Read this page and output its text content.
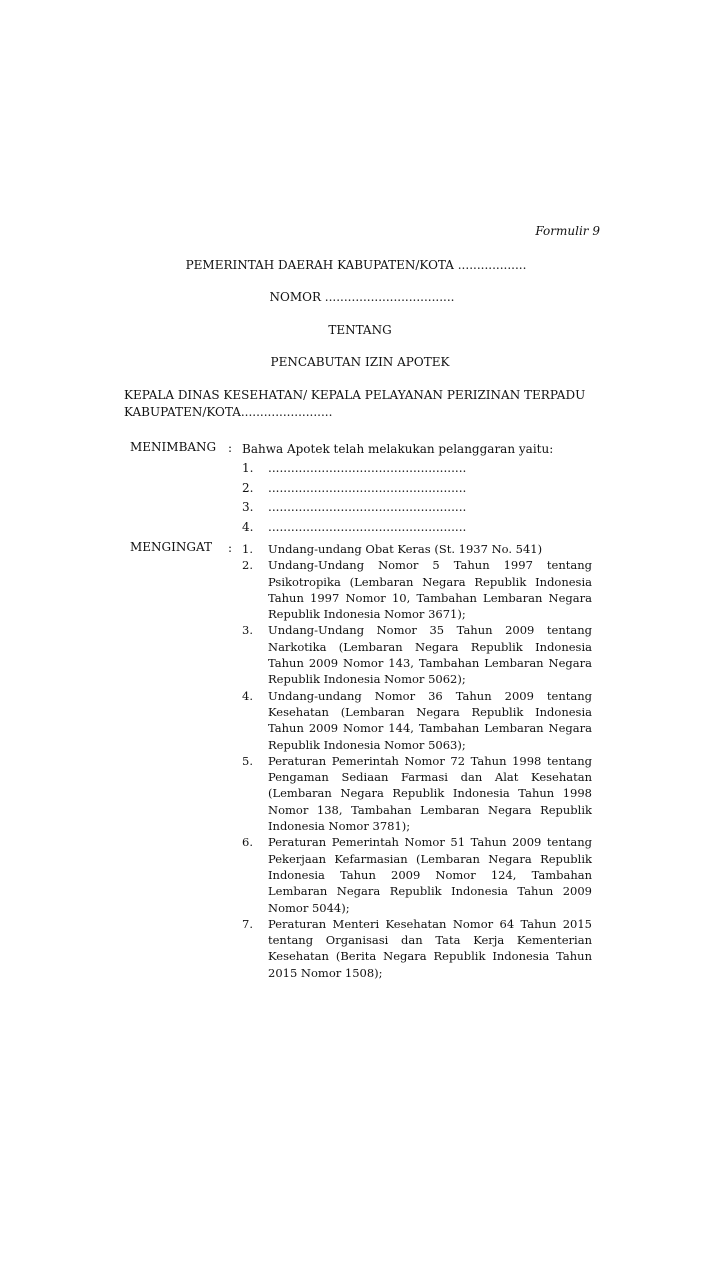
Formulir 9
PEMERINTAH DAERAH KABUPATEN/KOTA ..................
NOMOR ..................................
TENTANG
PENCABUTAN IZIN APOTEK
KEPALA DINAS KESEHATAN/ KEPALA PELAYANAN PERIZINAN TERPADU
KABUPATEN/KOTA........................
MENIMBANG : Bahwa Apotek telah melakukan pelanggaran yaitu:
1.	....................................................
2.	....................................................
3.	....................................................
4.	....................................................
MENGINGAT : 1.	Undang-undang Obat Keras (St. 1937 No. 541)
2.	Undang-Undang Nomor 5 Tahun 1997 tentang Psikotropika (Lembaran Negara Republik Indonesia Tahun 1997 Nomor 10, Tambahan Lembaran Negara Republik Indonesia Nomor 3671);
3.	Undang-Undang Nomor 35 Tahun 2009 tentang Narkotika (Lembaran Negara Republik Indonesia Tahun 2009 Nomor 143, Tambahan Lembaran Negara Republik Indonesia Nomor 5062);
4.	Undang-undang Nomor 36 Tahun 2009 tentang Kesehatan (Lembaran Negara Republik Indonesia Tahun 2009 Nomor 144, Tambahan Lembaran Negara Republik Indonesia Nomor 5063);
5.	Peraturan Pemerintah Nomor 72 Tahun 1998 tentang Pengaman Sediaan Farmasi dan Alat Kesehatan (Lembaran Negara Republik Indonesia Tahun 1998 Nomor 138, Tambahan Lembaran Negara Republik Indonesia Nomor 3781);
6.	Peraturan Pemerintah Nomor 51 Tahun 2009 tentang Pekerjaan Kefarmasian (Lembaran Negara Republik Indonesia Tahun 2009 Nomor 124, Tambahan Lembaran Negara Republik Indonesia Tahun 2009 Nomor 5044);
7.	Peraturan Menteri Kesehatan Nomor 64 Tahun 2015 tentang Organisasi dan Tata Kerja Kementerian Kesehatan (Berita Negara Republik Indonesia Tahun 2015 Nomor 1508);
